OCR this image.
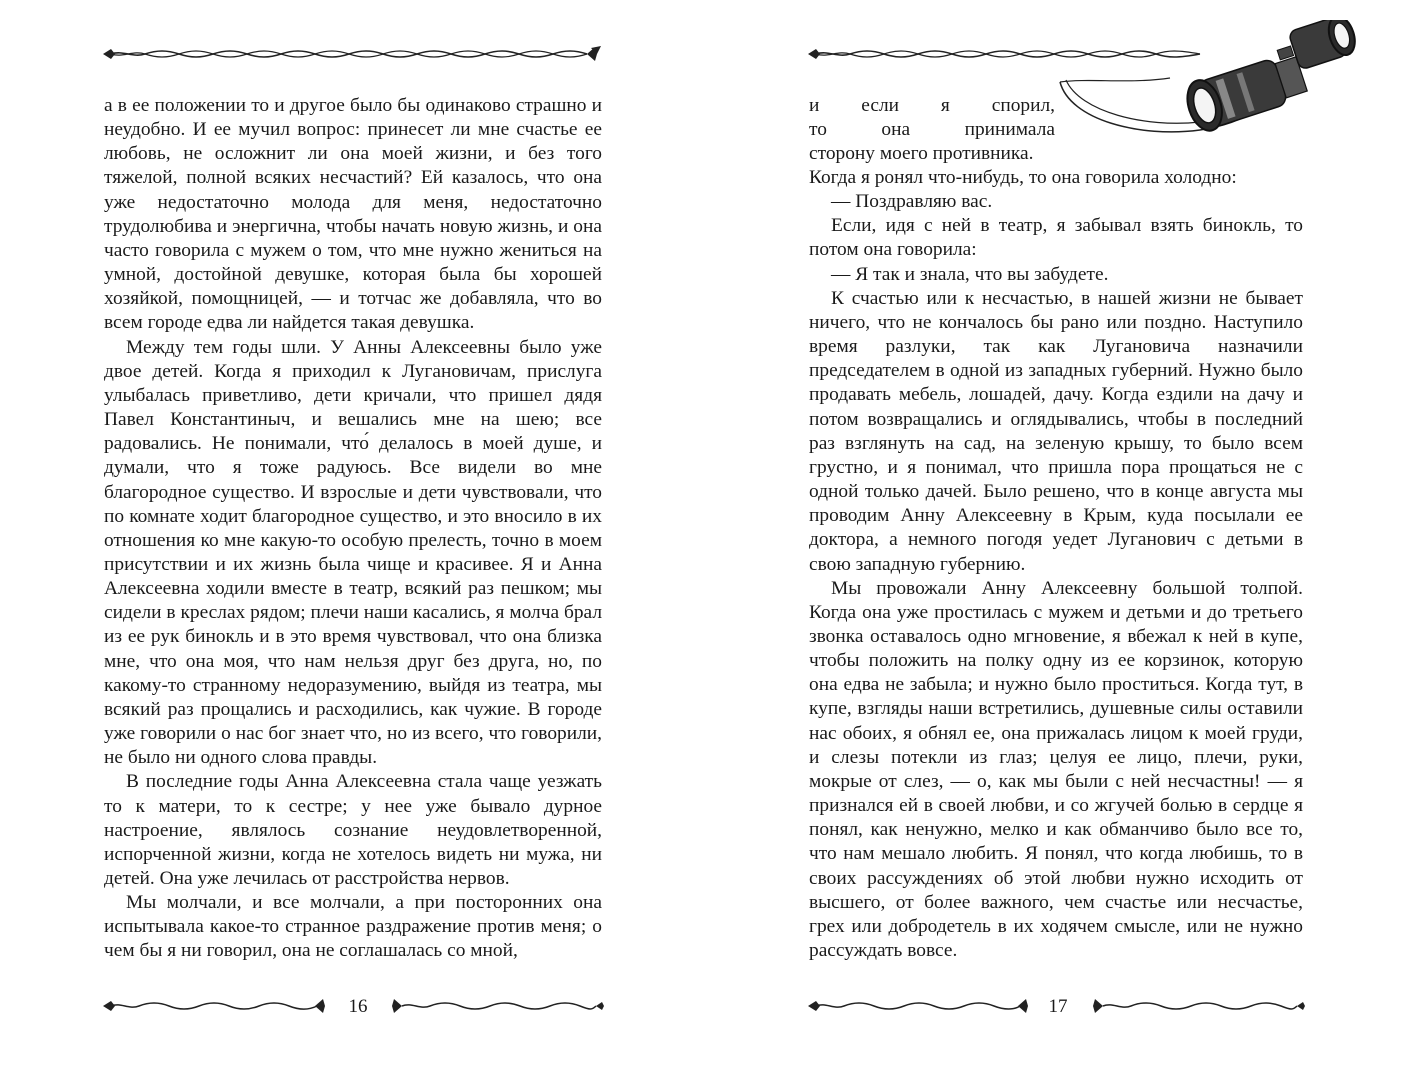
а в ее положении то и другое было бы одинаково страшно и неудобно. И ее мучил вопрос: принесет ли мне счастье ее любовь, не осложнит ли она моей жизни, и без того тяжелой, полной всяких несчастий? Ей казалось, что она уже недостаточно молода для меня, недостаточно трудолюбива и энергична, чтобы начать новую жизнь, и она часто говорила с мужем о том, что мне нужно жениться на умной, достойной девушке, которая была бы хорошей хозяйкой, помощницей, — и тотчас же добавляла, что во всем городе едва ли найдется такая девушка.

Между тем годы шли. У Анны Алексеевны было уже двое детей. Когда я приходил к Лугановичам, прислуга улыбалась приветливо, дети кричали, что пришел дядя Павел Константиныч, и вешались мне на шею; все радовались. Не понимали, что́ делалось в моей душе, и думали, что я тоже радуюсь. Все видели во мне благородное существо. И взрослые и дети чувствовали, что по комнате ходит благородное существо, и это вносило в их отношения ко мне какую-то особую прелесть, точно в моем присутствии и их жизнь была чище и красивее. Я и Анна Алексеевна ходили вместе в театр, всякий раз пешком; мы сидели в креслах рядом; плечи наши касались, я молча брал из ее рук бинокль и в это время чувствовал, что она близка мне, что она моя, что нам нельзя друг без друга, но, по какому-то странному недоразумению, выйдя из театра, мы всякий раз прощались и расходились, как чужие. В городе уже говорили о нас бог знает что, но из всего, что говорили, не было ни одного слова правды.

В последние годы Анна Алексеевна стала чаще уезжать то к матери, то к сестре; у нее уже бывало дурное настроение, являлось сознание неудовлетворенной, испорченной жизни, когда не хотелось видеть ни мужа, ни детей. Она уже лечилась от расстройства нервов.

Мы молчали, и все молчали, а при посторонних она испытывала какое-то странное раздражение против меня; о чем бы я ни говорил, она не соглашалась со мной,

16

и если я спорил,

то она принимала

сторону моего противника.

Когда я ронял что-нибудь, то она говорила холодно:

— Поздравляю вас.

Если, идя с ней в театр, я забывал взять бинокль, то потом она говорила:

— Я так и знала, что вы забудете.

К счастью или к несчастью, в нашей жизни не бывает ничего, что не кончалось бы рано или поздно. Наступило время разлуки, так как Лугановича назначили председателем в одной из западных губерний. Нужно было продавать мебель, лошадей, дачу. Когда ездили на дачу и потом возвращались и оглядывались, чтобы в последний раз взглянуть на сад, на зеленую крышу, то было всем грустно, и я понимал, что пришла пора прощаться не с одной только дачей. Было решено, что в конце августа мы проводим Анну Алексеевну в Крым, куда посылали ее доктора, а немного погодя уедет Луганович с детьми в свою западную губернию.

Мы провожали Анну Алексеевну большой толпой. Когда она уже простилась с мужем и детьми и до третьего звонка оставалось одно мгновение, я вбежал к ней в купе, чтобы положить на полку одну из ее корзинок, которую она едва не забыла; и нужно было проститься. Когда тут, в купе, взгляды наши встретились, душевные силы оставили нас обоих, я обнял ее, она прижалась лицом к моей груди, и слезы потекли из глаз; целуя ее лицо, плечи, руки, мокрые от слез, — о, как мы были с ней несчастны! — я признался ей в своей любви, и со жгучей болью в сердце я понял, как ненужно, мелко и как обманчиво было все то, что нам мешало любить. Я понял, что когда любишь, то в своих рассуждениях об этой любви нужно исходить от высшего, от более важного, чем счастье или несчастье, грех или добродетель в их ходячем смысле, или не нужно рассуждать вовсе.

17
